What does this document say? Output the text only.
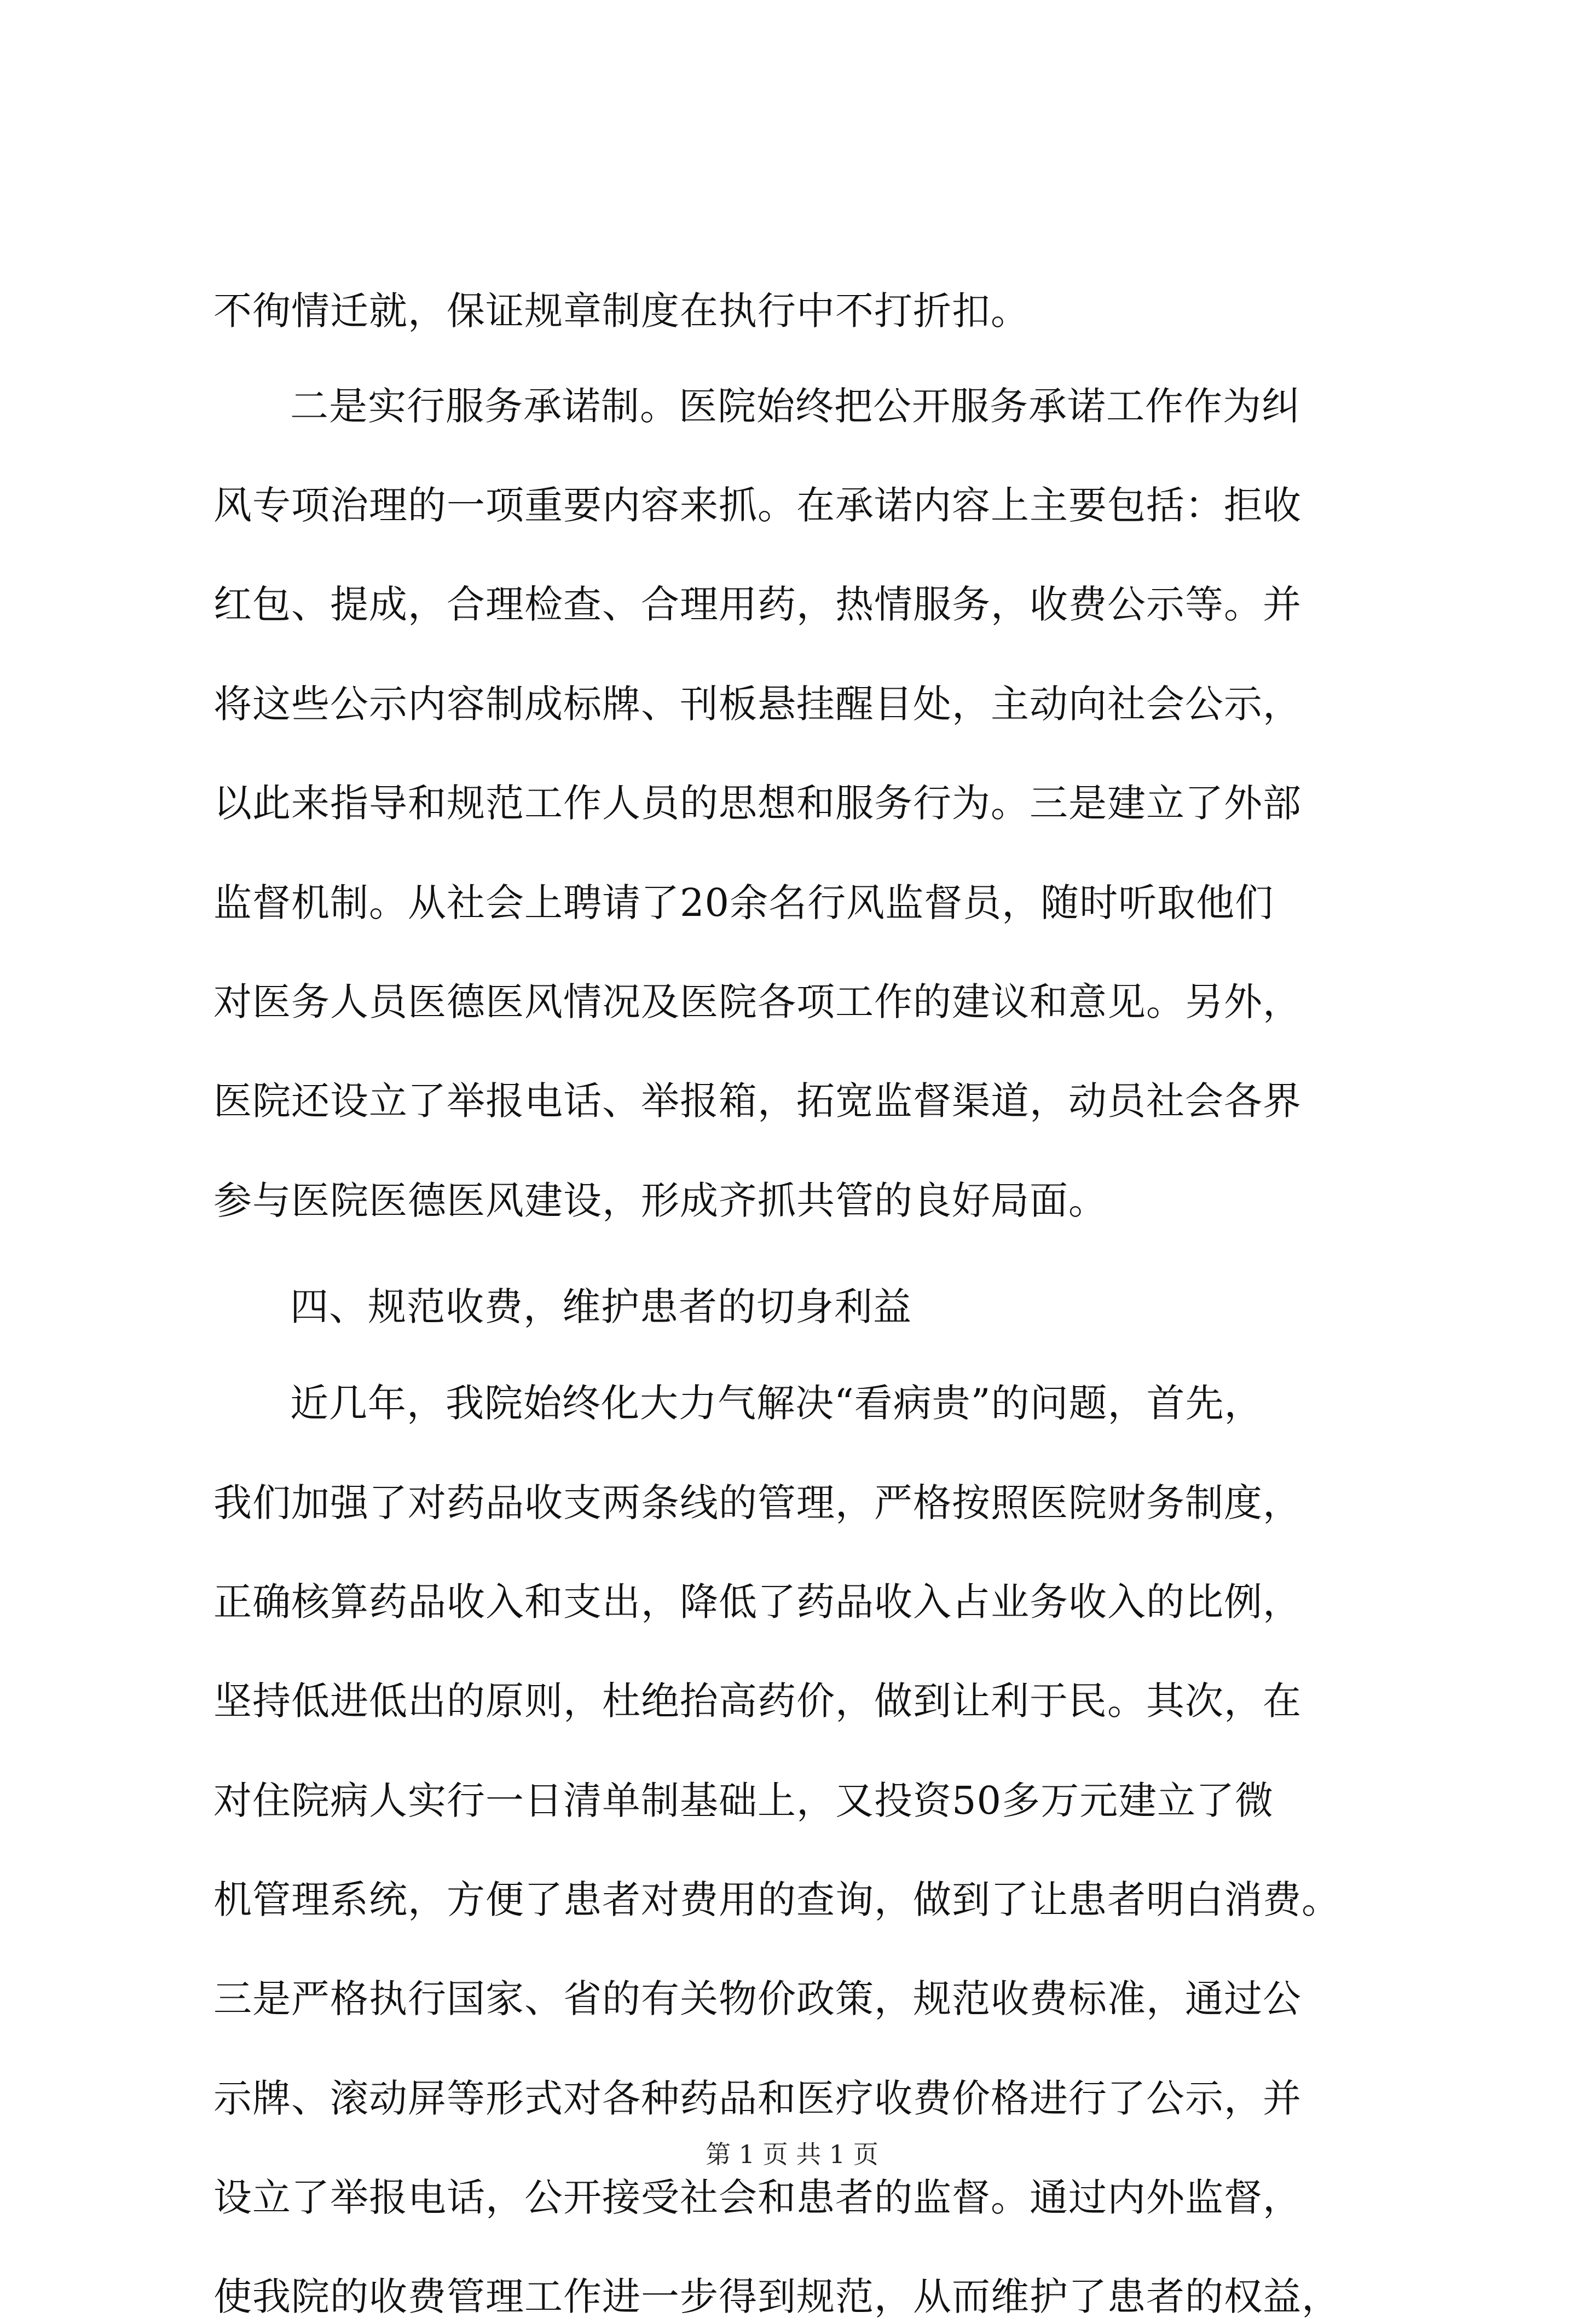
不徇情迁就，保证规章制度在执行中不打折扣。
二是实行服务承诺制。医院始终把公开服务承诺工作作为纠
风专项治理的一项重要内容来抓。在承诺内容上主要包括：拒收
红包、提成，合理检查、合理用药，热情服务，收费公示等。并
将这些公示内容制成标牌、刊板悬挂醒目处，主动向社会公示，
以此来指导和规范工作人员的思想和服务行为。三是建立了外部
监督机制。从社会上聘请了20余名行风监督员，随时听取他们
对医务人员医德医风情况及医院各项工作的建议和意见。另外，
医院还设立了举报电话、举报箱，拓宽监督渠道，动员社会各界
参与医院医德医风建设，形成齐抓共管的良好局面。
四、规范收费，维护患者的切身利益
近几年，我院始终化大力气解决“看病贵”的问题，首先，
我们加强了对药品收支两条线的管理，严格按照医院财务制度，
正确核算药品收入和支出，降低了药品收入占业务收入的比例，
坚持低进低出的原则，杜绝抬高药价，做到让利于民。其次，在
对住院病人实行一日清单制基础上，又投资50多万元建立了微
机管理系统，方便了患者对费用的查询，做到了让患者明白消费。
三是严格执行国家、省的有关物价政策，规范收费标准，通过公
示牌、滚动屏等形式对各种药品和医疗收费价格进行了公示，并
设立了举报电话，公开接受社会和患者的监督。通过内外监督，
使我院的收费管理工作进一步得到规范，从而维护了患者的权益，
第 1 页 共 1 页
